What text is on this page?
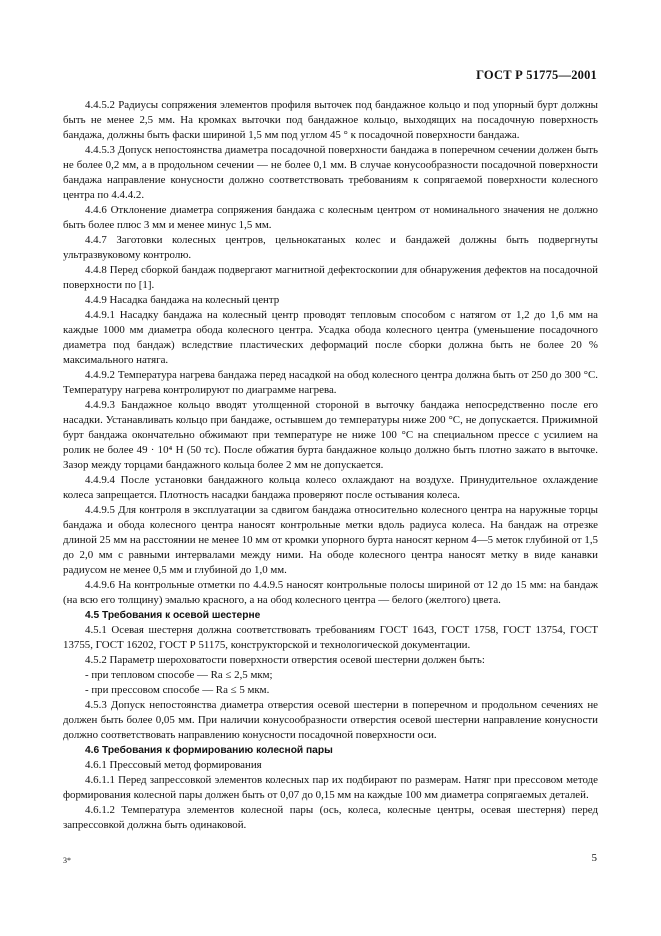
ГОСТ Р 51775—2001

4.4.5.2 Радиусы сопряжения элементов профиля выточек под бандажное кольцо и под упорный бурт должны быть не менее 2,5 мм. На кромках выточки под бандажное кольцо, выходящих на посадочную поверхность бандажа, должны быть фаски шириной 1,5 мм под углом 45 ° к посадочной поверхности бандажа.

4.4.5.3 Допуск непостоянства диаметра посадочной поверхности бандажа в поперечном сечении должен быть не более 0,2 мм, а в продольном сечении — не более 0,1 мм. В случае конусообразности посадочной поверхности бандажа направление конусности должно соответствовать требованиям к сопрягаемой поверхности колесного центра по 4.4.4.2.

4.4.6 Отклонение диаметра сопряжения бандажа с колесным центром от номинального значения не должно быть более плюс 3 мм и менее минус 1,5 мм.

4.4.7 Заготовки колесных центров, цельнокатаных колес и бандажей должны быть подвергнуты ультразвуковому контролю.

4.4.8 Перед сборкой бандаж подвергают магнитной дефектоскопии для обнаружения дефектов на посадочной поверхности по [1].

4.4.9 Насадка бандажа на колесный центр

4.4.9.1 Насадку бандажа на колесный центр проводят тепловым способом с натягом от 1,2 до 1,6 мм на каждые 1000 мм диаметра обода колесного центра. Усадка обода колесного центра (уменьшение посадочного диаметра под бандаж) вследствие пластических деформаций после сборки должна быть не более 20 % максимального натяга.

4.4.9.2 Температура нагрева бандажа перед насадкой на обод колесного центра должна быть от 250 до 300 °С. Температуру нагрева контролируют по диаграмме нагрева.

4.4.9.3 Бандажное кольцо вводят утолщенной стороной в выточку бандажа непосредственно после его насадки. Устанавливать кольцо при бандаже, остывшем до температуры ниже 200 °С, не допускается. Прижимной бурт бандажа окончательно обжимают при температуре не ниже 100 °С на специальном прессе с усилием на ролик не более 49 · 10⁴ Н (50 тс). После обжатия бурта бандажное кольцо должно быть плотно зажато в выточке. Зазор между торцами бандажного кольца более 2 мм не допускается.

4.4.9.4 После установки бандажного кольца колесо охлаждают на воздухе. Принудительное охлаждение колеса запрещается. Плотность насадки бандажа проверяют после остывания колеса.

4.4.9.5 Для контроля в эксплуатации за сдвигом бандажа относительно колесного центра на наружные торцы бандажа и обода колесного центра наносят контрольные метки вдоль радиуса колеса. На бандаж на отрезке длиной 25 мм на расстоянии не менее 10 мм от кромки упорного бурта наносят керном 4—5 меток глубиной от 1,5 до 2,0 мм с равными интервалами между ними. На ободе колесного центра наносят метку в виде канавки радиусом не менее 0,5 мм и глубиной до 1,0 мм.

4.4.9.6 На контрольные отметки по 4.4.9.5 наносят контрольные полосы шириной от 12 до 15 мм: на бандаж (на всю его толщину) эмалью красного, а на обод колесного центра — белого (желтого) цвета.

4.5 Требования к осевой шестерне

4.5.1 Осевая шестерня должна соответствовать требованиям ГОСТ 1643, ГОСТ 1758, ГОСТ 13754, ГОСТ 13755, ГОСТ 16202, ГОСТ Р 51175, конструкторской и технологической документации.

4.5.2 Параметр шероховатости поверхности отверстия осевой шестерни должен быть:

- при тепловом способе — Ra ≤ 2,5 мкм;

- при прессовом способе — Ra ≤ 5 мкм.

4.5.3 Допуск непостоянства диаметра отверстия осевой шестерни в поперечном и продольном сечениях не должен быть более 0,05 мм. При наличии конусообразности отверстия осевой шестерни направление конусности должно соответствовать направлению конусности посадочной поверхности оси.

4.6 Требования к формированию колесной пары

4.6.1 Прессовый метод формирования

4.6.1.1 Перед запрессовкой элементов колесных пар их подбирают по размерам. Натяг при прессовом методе формирования колесной пары должен быть от 0,07 до 0,15 мм на каждые 100 мм диаметра сопрягаемых деталей.

4.6.1.2 Температура элементов колесной пары (ось, колеса, колесные центры, осевая шестерня) перед запрессовкой должна быть одинаковой.

3*	5
